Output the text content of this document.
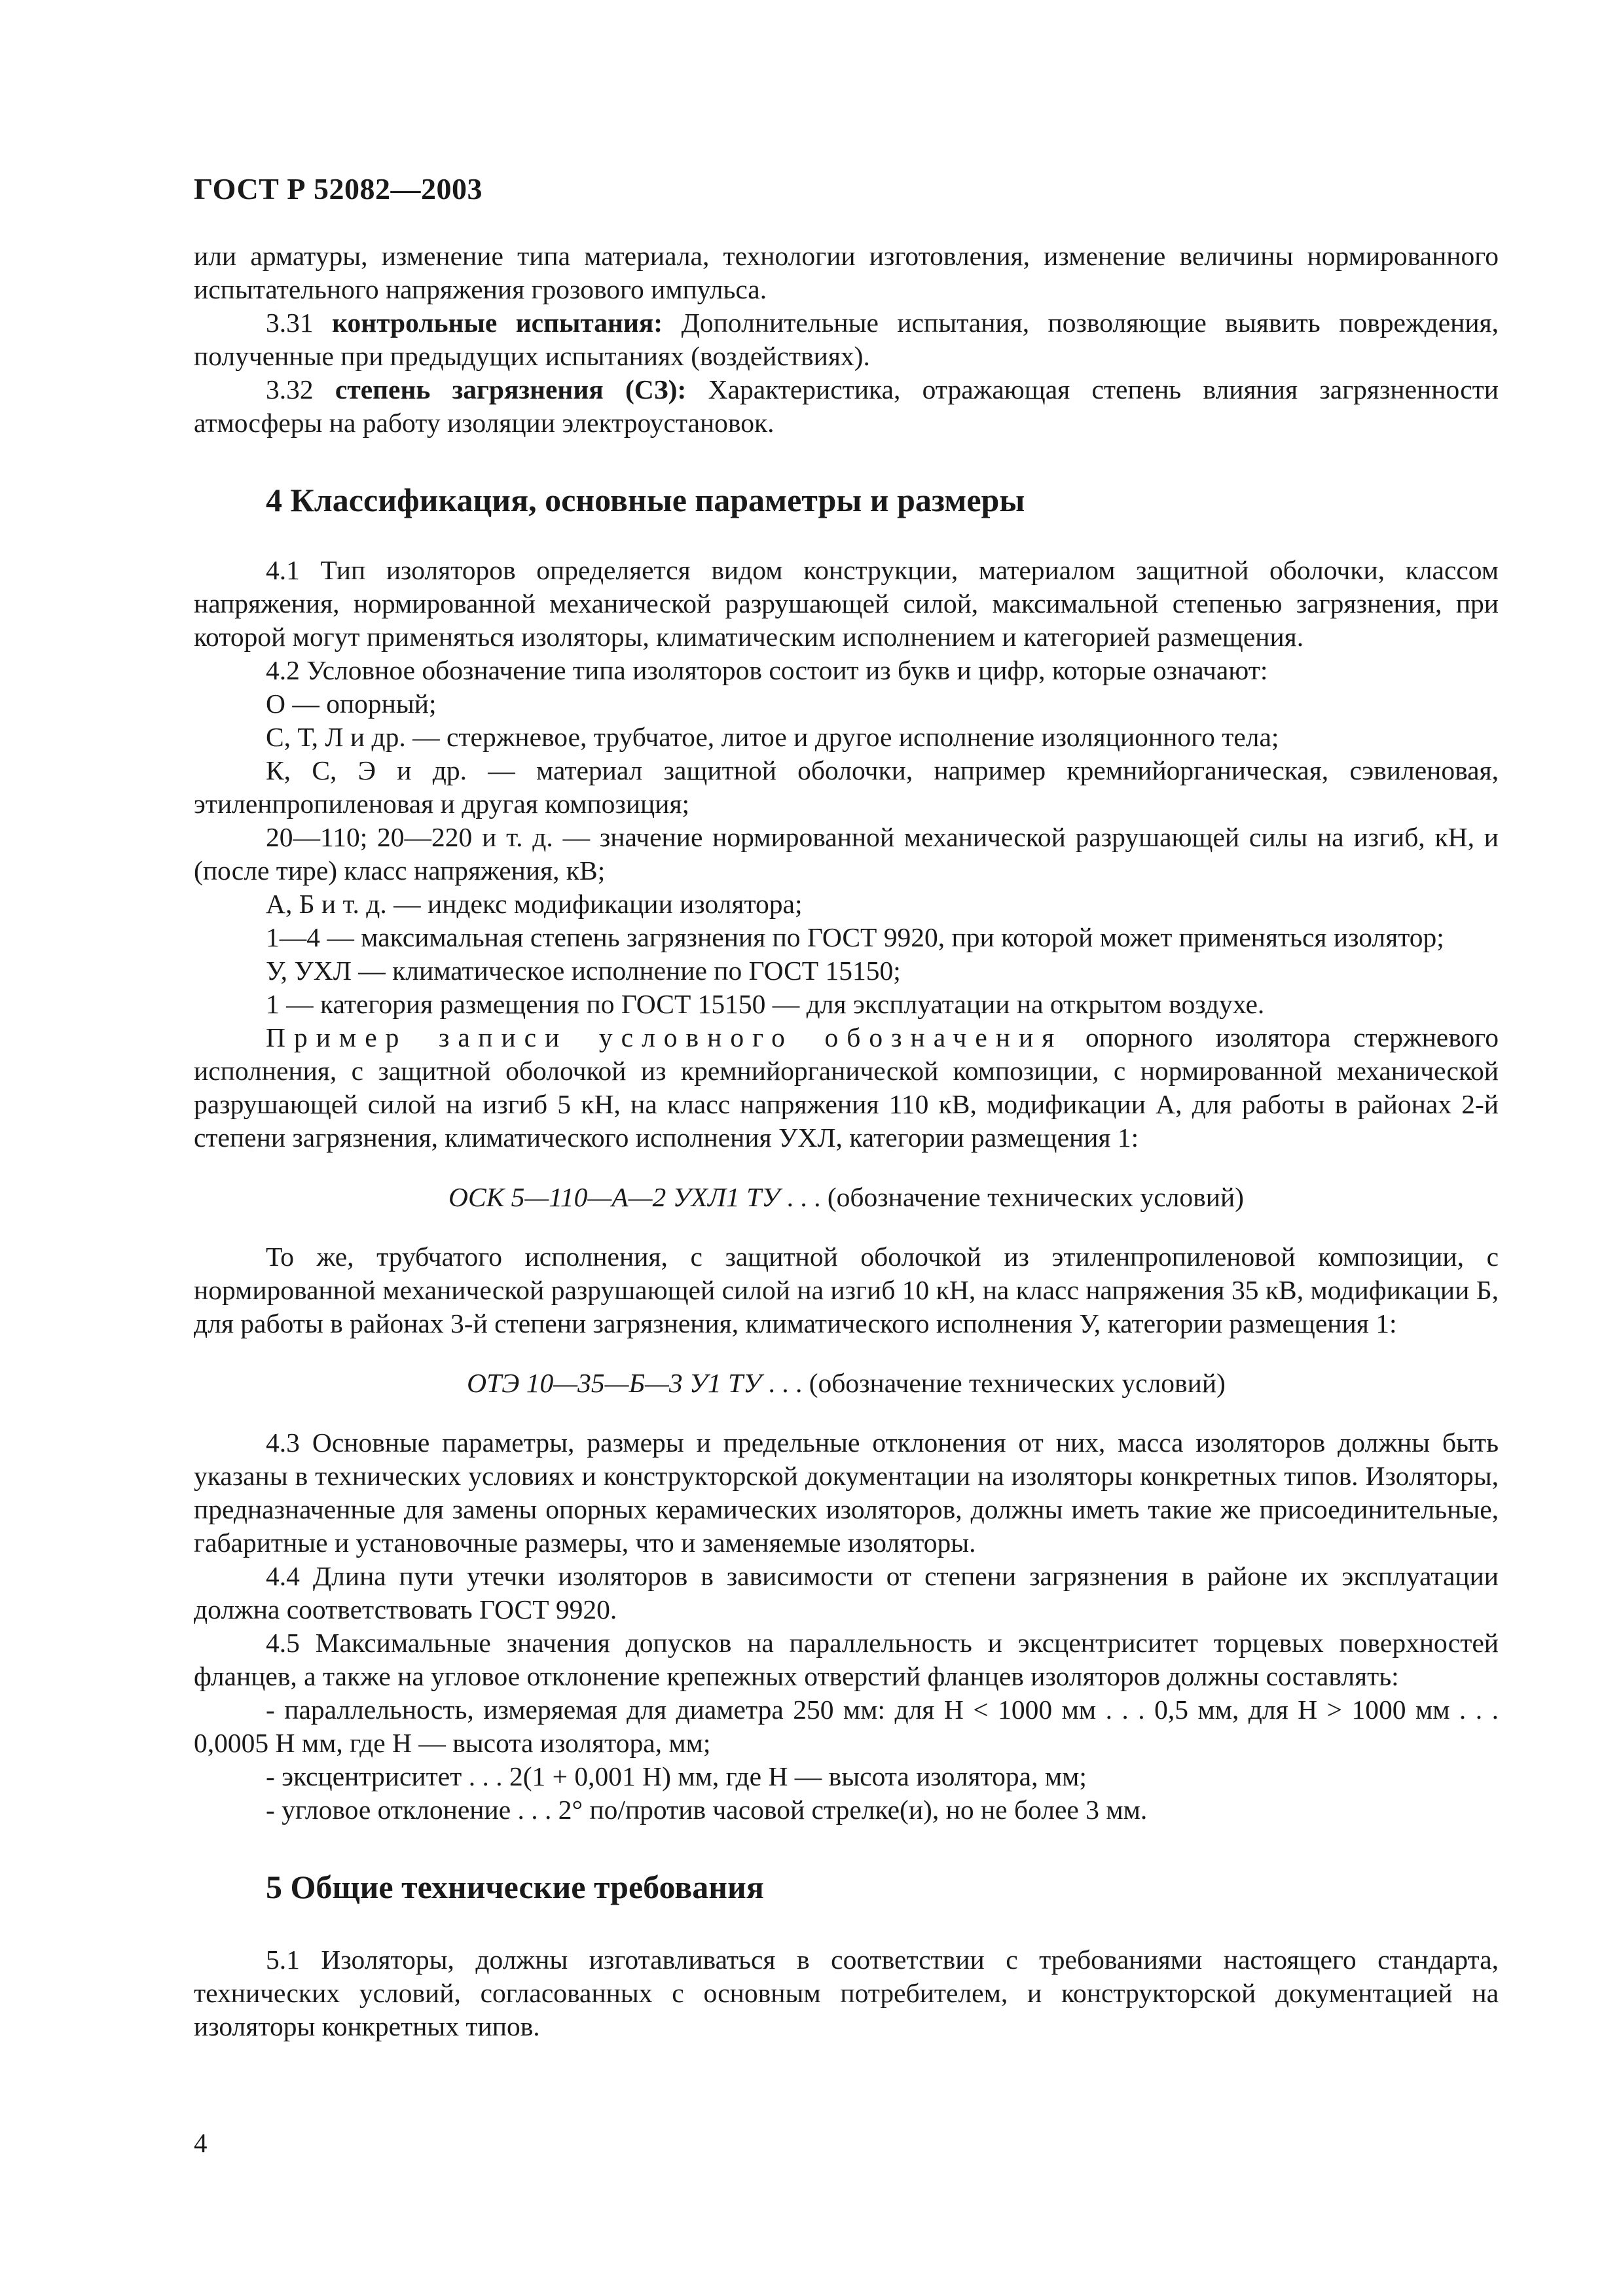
ГОСТ Р 52082—2003

или арматуры, изменение типа материала, технологии изготовления, изменение величины нормированного испытательного напряжения грозового импульса.

3.31 контрольные испытания: Дополнительные испытания, позволяющие выявить повреждения, полученные при предыдущих испытаниях (воздействиях).

3.32 степень загрязнения (СЗ): Характеристика, отражающая степень влияния загрязненности атмосферы на работу изоляции электроустановок.

4 Классификация, основные параметры и размеры

4.1 Тип изоляторов определяется видом конструкции, материалом защитной оболочки, классом напряжения, нормированной механической разрушающей силой, максимальной степенью загрязнения, при которой могут применяться изоляторы, климатическим исполнением и категорией размещения.

4.2 Условное обозначение типа изоляторов состоит из букв и цифр, которые означают:

О — опорный;

С, Т, Л и др. — стержневое, трубчатое, литое и другое исполнение изоляционного тела;

К, С, Э и др. — материал защитной оболочки, например кремнийорганическая, сэвиленовая, этиленпропиленовая и другая композиция;

20—110; 20—220 и т. д. — значение нормированной механической разрушающей силы на изгиб, кН, и (после тире) класс напряжения, кВ;

А, Б и т. д. — индекс модификации изолятора;

1—4 — максимальная степень загрязнения по ГОСТ 9920, при которой может применяться изолятор;

У, УХЛ — климатическое исполнение по ГОСТ 15150;

1 — категория размещения по ГОСТ 15150 — для эксплуатации на открытом воздухе.

Пример записи условного обозначения опорного изолятора стержневого исполнения, с защитной оболочкой из кремнийорганической композиции, с нормированной механической разрушающей силой на изгиб 5 кН, на класс напряжения 110 кВ, модификации А, для работы в районах 2-й степени загрязнения, климатического исполнения УХЛ, категории размещения 1:

ОСК 5—110—А—2 УХЛ1 ТУ . . . (обозначение технических условий)

То же, трубчатого исполнения, с защитной оболочкой из этиленпропиленовой композиции, с нормированной механической разрушающей силой на изгиб 10 кН, на класс напряжения 35 кВ, модификации Б, для работы в районах 3-й степени загрязнения, климатического исполнения У, категории размещения 1:

ОТЭ 10—35—Б—3 У1 ТУ . . . (обозначение технических условий)

4.3 Основные параметры, размеры и предельные отклонения от них, масса изоляторов должны быть указаны в технических условиях и конструкторской документации на изоляторы конкретных типов. Изоляторы, предназначенные для замены опорных керамических изоляторов, должны иметь такие же присоединительные, габаритные и установочные размеры, что и заменяемые изоляторы.

4.4 Длина пути утечки изоляторов в зависимости от степени загрязнения в районе их эксплуатации должна соответствовать ГОСТ 9920.

4.5 Максимальные значения допусков на параллельность и эксцентриситет торцевых поверхностей фланцев, а также на угловое отклонение крепежных отверстий фланцев изоляторов должны составлять:

- параллельность, измеряемая для диаметра 250 мм: для H < 1000 мм . . . 0,5 мм, для H > 1000 мм . . . 0,0005 H мм, где H — высота изолятора, мм;

- эксцентриситет . . . 2(1 + 0,001 H) мм, где H — высота изолятора, мм;

- угловое отклонение . . . 2° по/против часовой стрелке(и), но не более 3 мм.

5 Общие технические требования

5.1 Изоляторы, должны изготавливаться в соответствии с требованиями настоящего стандарта, технических условий, согласованных с основным потребителем, и конструкторской документацией на изоляторы конкретных типов.

4
